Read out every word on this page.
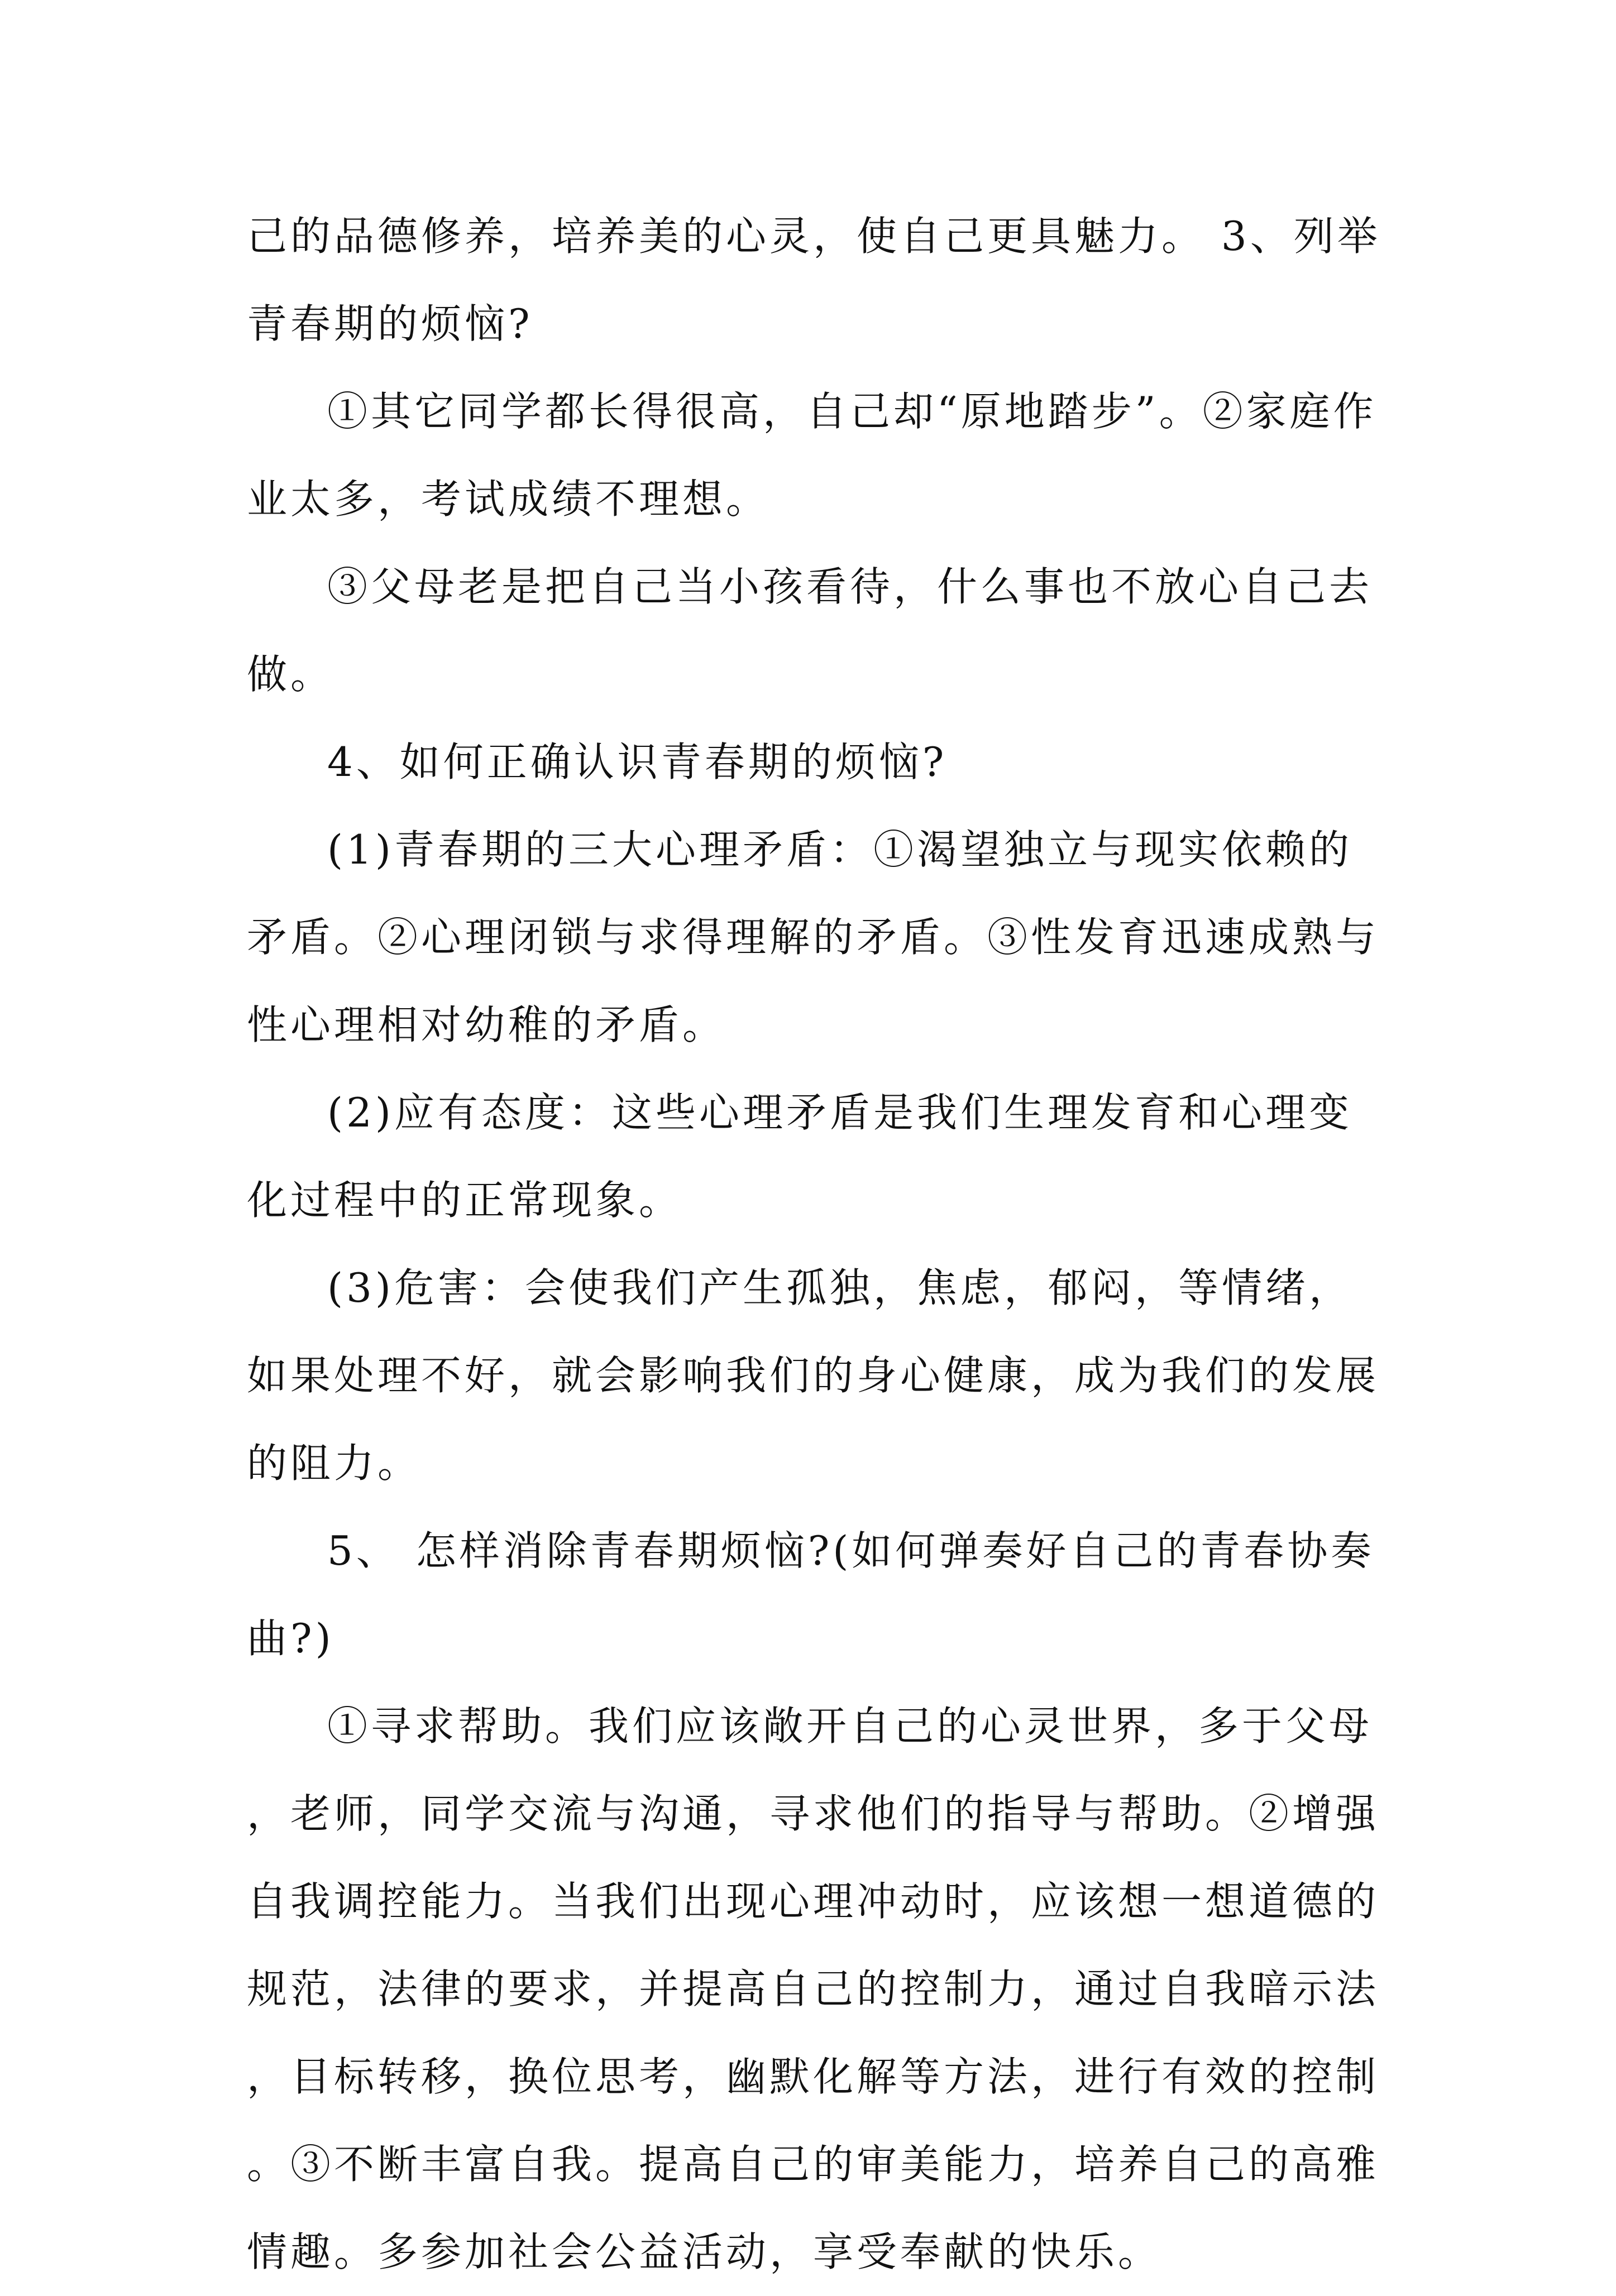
己的品德修养，培养美的心灵，使自己更具魅力。 3、列举青春期的烦恼?

①其它同学都长得很高，自己却“原地踏步”。②家庭作业太多，考试成绩不理想。

③父母老是把自己当小孩看待，什么事也不放心自己去做。

4、如何正确认识青春期的烦恼?

(1)青春期的三大心理矛盾：①渴望独立与现实依赖的矛盾。②心理闭锁与求得理解的矛盾。③性发育迅速成熟与性心理相对幼稚的矛盾。

(2)应有态度：这些心理矛盾是我们生理发育和心理变化过程中的正常现象。

(3)危害：会使我们产生孤独，焦虑，郁闷，等情绪，如果处理不好，就会影响我们的身心健康，成为我们的发展的阻力。

5、 怎样消除青春期烦恼?(如何弹奏好自己的青春协奏曲?)

①寻求帮助。我们应该敞开自己的心灵世界，多于父母，老师，同学交流与沟通，寻求他们的指导与帮助。②增强自我调控能力。当我们出现心理冲动时，应该想一想道德的规范，法律的要求，并提高自己的控制力，通过自我暗示法，目标转移，换位思考，幽默化解等方法，进行有效的控制。③不断丰富自我。提高自己的审美能力，培养自己的高雅情趣。多参加社会公益活动，享受奉献的快乐。
